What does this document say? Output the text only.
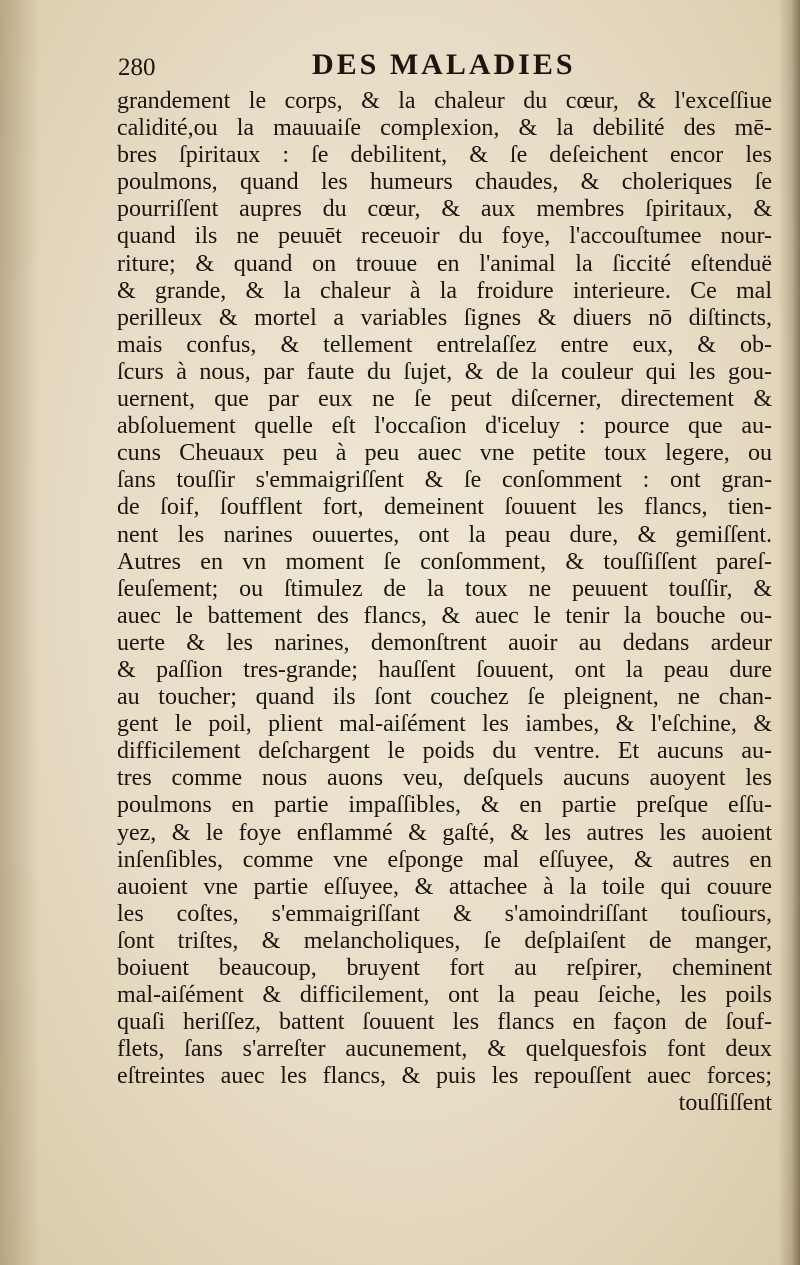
280	DES MALADIES
grandement le corps, & la chaleur du cœur, & l'exceſſiue
calidité,ou la mauuaiſe complexion, & la debilité des mē-
bres ſpiritaux : ſe debilitent, & ſe deſeichent encor les
poulmons, quand les humeurs chaudes, & choleriques ſe
pourriſſent aupres du cœur, & aux membres ſpiritaux, &
quand ils ne peuuēt receuoir du foye, l'accouſtumee nour-
riture; & quand on trouue en l'animal la ſiccité eſtenduë
& grande, & la chaleur à la froidure interieure. Ce mal
perilleux & mortel a variables ſignes & diuers nō diſtincts,
mais confus, & tellement entrelaſſez entre eux, & ob-
ſcurs à nous, par faute du ſujet, & de la couleur qui les gou-
uernent, que par eux ne ſe peut diſcerner, directement &
abſoluement quelle eſt l'occaſion d'iceluy : pource que au-
cuns Cheuaux peu à peu auec vne petite toux legere, ou
ſans touſſir s'emmaigriſſent & ſe conſomment : ont gran-
de ſoif, ſoufflent fort, demeinent ſouuent les flancs, tien-
nent les narines ouuertes, ont la peau dure, & gemiſſent.
Autres en vn moment ſe conſomment, & touſſiſſent pareſ-
ſeuſement; ou ſtimulez de la toux ne peuuent touſſir, &
auec le battement des flancs, & auec le tenir la bouche ou-
uerte & les narines, demonſtrent auoir au dedans ardeur
& paſſion tres-grande; hauſſent ſouuent, ont la peau dure
au toucher; quand ils ſont couchez ſe pleignent, ne chan-
gent le poil, plient mal-aiſément les iambes, & l'eſchine, &
difficilement deſchargent le poids du ventre. Et aucuns au-
tres comme nous auons veu, deſquels aucuns auoyent les
poulmons en partie impaſſibles, & en partie preſque eſſu-
yez, & le foye enflammé & gaſté, & les autres les auoient
inſenſibles, comme vne eſponge mal eſſuyee, & autres en
auoient vne partie eſſuyee, & attachee à la toile qui couure
les coſtes, s'emmaigriſſant & s'amoindriſſant touſiours,
ſont triſtes, & melancholiques, ſe deſplaiſent de manger,
boiuent beaucoup, bruyent fort au reſpirer, cheminent
mal-aiſément & difficilement, ont la peau ſeiche, les poils
quaſi heriſſez, battent ſouuent les flancs en façon de ſouf-
flets, ſans s'arreſter aucunement, & quelquesfois font deux
eſtreintes auec les flancs, & puis les repouſſent auec forces;
touſſiſſent
